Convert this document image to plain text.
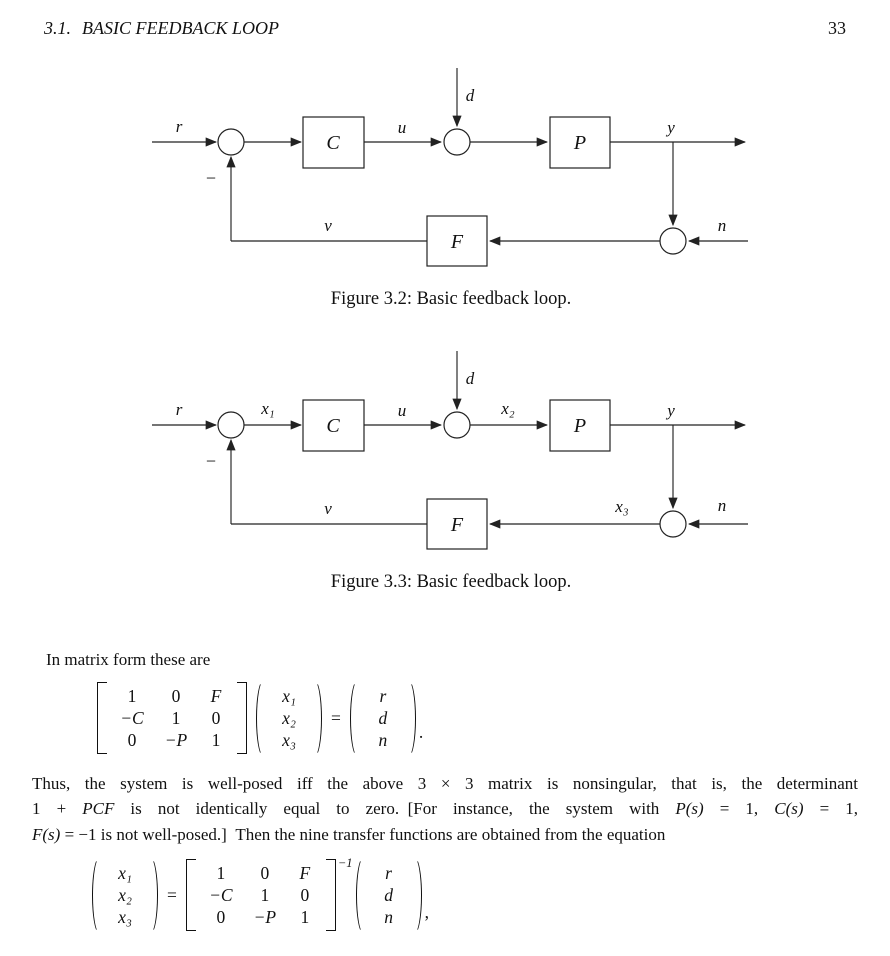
3.1. BASIC FEEDBACK LOOP	33
r
−
C
u
d
P
y
n
F
v
r
−
x₁
C
u
d
x₂
P
y
n
x₃
F
v
Figure 3.2: Basic feedback loop.
Figure 3.3: Basic feedback loop.
In matrix form these are
1	0	F
−C	1	0
0	−P	1
x₁
x₂
x₃
=
r
d
n	.
Thus, the system is well-posed iff the above 3 × 3 matrix is nonsingular, that is, the determinant
1 + PCF is not identically equal to zero. [For instance, the system with P(s) = 1, C(s) = 1,
F(s) = −1 is not well-posed.] Then the nine transfer functions are obtained from the equation
x₁
x₂
x₃
=
1	0	F
−C	1	0
0	−P	1
−1	r
d
n	,
